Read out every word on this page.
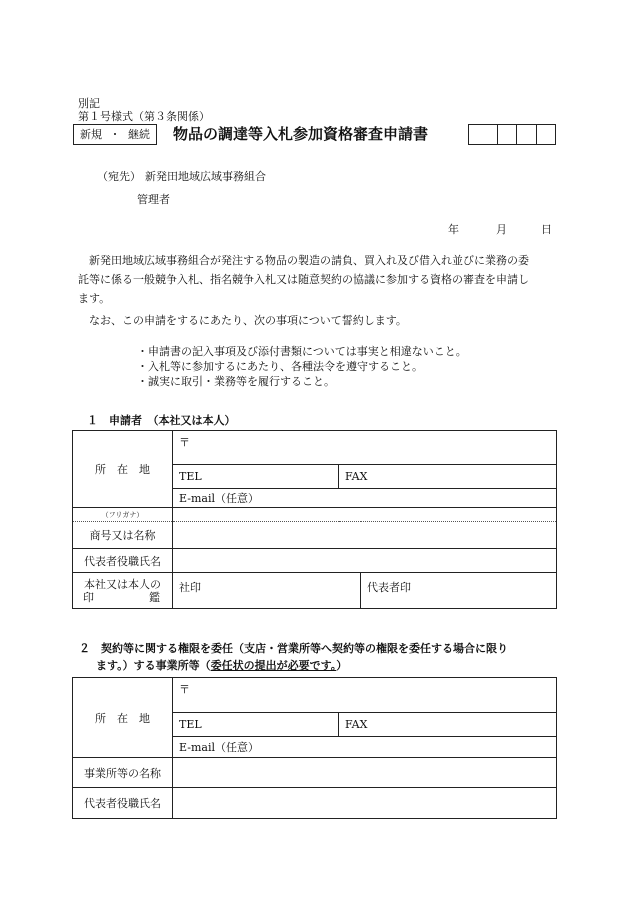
別記
第１号様式（第３条関係）
新規 ・ 継続	物品の調達等入札参加資格審査申請書

（宛先） 新発田地域広域事務組合
管理者
年	月	日
新発田地域広域事務組合が発注する物品の製造の請負、買入れ及び借入れ並びに業務の委
託等に係る一般競争入札、指名競争入札又は随意契約の協議に参加する資格の審査を申請し
ます。
なお、この申請をするにあたり、次の事項について誓約します。
・申請書の記入事項及び添付書類については事実と相違ないこと。
・入札等に参加するにあたり、各種法令を遵守すること。
・誠実に取引・業務等を履行すること。
１　申請者　（本社又は本人）
所　在　地	〒		
	TEL	FAX	
	E-mail（任意）		
（フリガナ）			
商号又は名称			
代表者役職氏名			

本社又は本人の
印 鑑	社印		代表者印
２　契約等に関する権限を委任（支店・営業所等へ契約等の権限を委任する場合に限り
ます。）する事業所等（委任状の提出が必要です。）
所　在　地	〒	
	TEL	FAX
	E-mail（任意）	
事業所等の名称		
代表者役職氏名		
